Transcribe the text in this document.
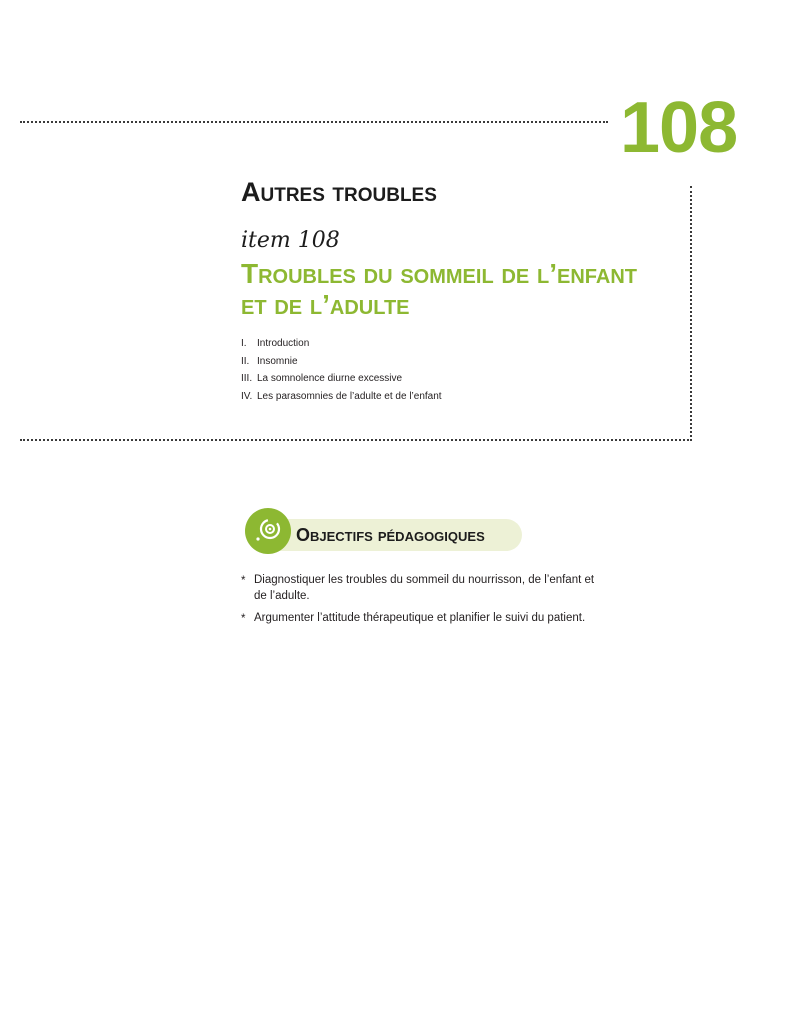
108
Autres troubles
item 108
Troubles du sommeil de l’enfant et de l’adulte
I. Introduction
II. Insomnie
III. La somnolence diurne excessive
IV. Les parasomnies de l’adulte et de l’enfant
Objectifs pédagogiques
* Diagnostiquer les troubles du sommeil du nourrisson, de l’enfant et de l’adulte.
* Argumenter l’attitude thérapeutique et planifier le suivi du patient.
